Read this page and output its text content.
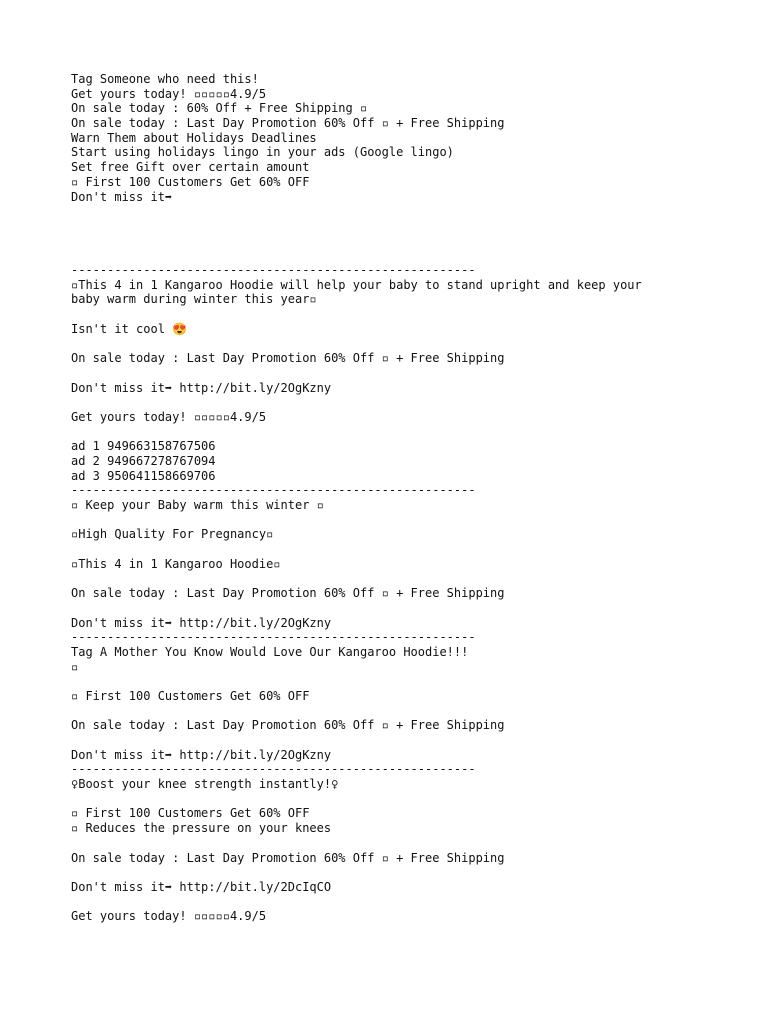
Tag Someone who need this!
Get yours today! ▫▫▫▫▫4.9/5
On sale today : 60% Off + Free Shipping ▫
On sale today : Last Day Promotion 60% Off ▫ + Free Shipping
Warn Them about Holidays Deadlines
Start using holidays lingo in your ads (Google lingo)
Set free Gift over certain amount
▫ First 100 Customers Get 60% OFF
Don't miss it➡
--------------------------------------------------------
▫This 4 in 1 Kangaroo Hoodie will help your baby to stand upright and keep your baby warm during winter this year▫
Isn't it cool 😍
On sale today : Last Day Promotion 60% Off ▫ + Free Shipping
Don't miss it➡ http://bit.ly/2OgKzny
Get yours today! ▫▫▫▫▫4.9/5
ad 1 949663158767506
ad 2 949667278767094
ad 3 950641158669706
--------------------------------------------------------
▫ Keep your Baby warm this winter ▫
▫High Quality For Pregnancy▫
▫This 4 in 1 Kangaroo Hoodie▫
On sale today : Last Day Promotion 60% Off ▫ + Free Shipping
Don't miss it➡ http://bit.ly/2OgKzny
--------------------------------------------------------
Tag A Mother You Know Would Love Our Kangaroo Hoodie!!!
▫
▫ First 100 Customers Get 60% OFF
On sale today : Last Day Promotion 60% Off ▫ + Free Shipping
Don't miss it➡ http://bit.ly/2OgKzny
--------------------------------------------------------
♀Boost your knee strength instantly!♀
▫ First 100 Customers Get 60% OFF
▫ Reduces the pressure on your knees
On sale today : Last Day Promotion 60% Off ▫ + Free Shipping
Don't miss it➡ http://bit.ly/2DcIqCO
Get yours today! ▫▫▫▫▫4.9/5
